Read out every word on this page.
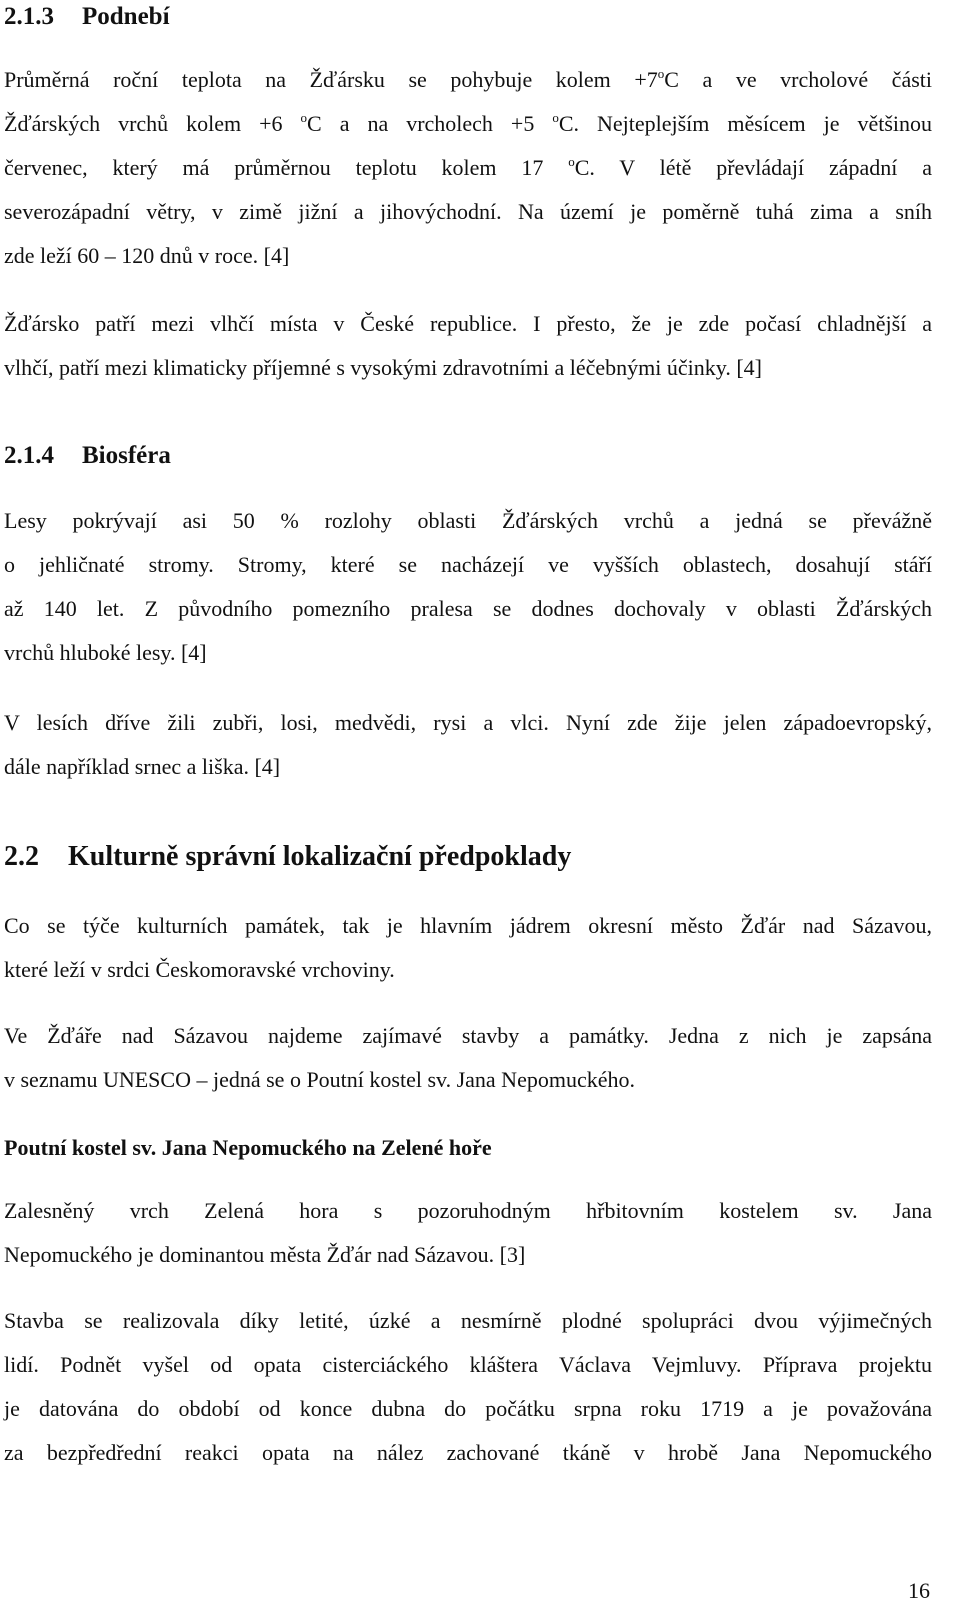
2.1.3 Podnebí
Průměrná roční teplota na Žďársku se pohybuje kolem $+7^oC$ a ve vrcholové části
Žďárských vrchů kolem +6 $^o$C a na vrcholech +5 $^o$C. Nejteplejším měsícem je většinou
červenec, který má průměrnou teplotu kolem 17 $^o$C. V létě převládají západní a
severozápadní větry, v zimě jižní a jihovýchodní. Na území je poměrně tuhá zima a sníh
zde leží 60 – 120 dnů v roce. [4]
Žďársko patří mezi vlhčí místa v České republice. I přesto, že je zde počasí chladnější a
vlhčí, patří mezi klimaticky příjemné s vysokými zdravotními a léčebnými účinky. [4]
2.1.4 Biosféra
Lesy pokrývají asi 50 % rozlohy oblasti Žďárských vrchů a jedná se převážně
o jehličnaté stromy. Stromy, které se nacházejí ve vyšších oblastech, dosahují stáří
až 140 let. Z původního pomezního pralesa se dodnes dochovaly v oblasti Žďárských
vrchů hluboké lesy. [4]
V lesích dříve žili zubři, losi, medvědi, rysi a vlci. Nyní zde žije jelen západoevropský,
dále například srnec a liška. [4]
2.2 Kulturně správní lokalizační předpoklady
Co se týče kulturních památek, tak je hlavním jádrem okresní město Žďár nad Sázavou,
které leží v srdci Českomoravské vrchoviny.
Ve Žďáře nad Sázavou najdeme zajímavé stavby a památky. Jedna z nich je zapsána
v seznamu UNESCO – jedná se o Poutní kostel sv. Jana Nepomuckého.
Poutní kostel sv. Jana Nepomuckého na Zelené hoře
Zalesněný vrch Zelená hora s pozoruhodným hřbitovním kostelem sv. Jana
Nepomuckého je dominantou města Žďár nad Sázavou. [3]
Stavba se realizovala díky letité, úzké a nesmírně plodné spolupráci dvou výjimečných
lidí. Podnět vyšel od opata cisterciáckého kláštera Václava Vejmluvy. Příprava projektu
je datována do období od konce dubna do počátku srpna roku 1719 a je považována
za bezpředřední reakci opata na nález zachované tkáně v hrobě Jana Nepomuckého
16
